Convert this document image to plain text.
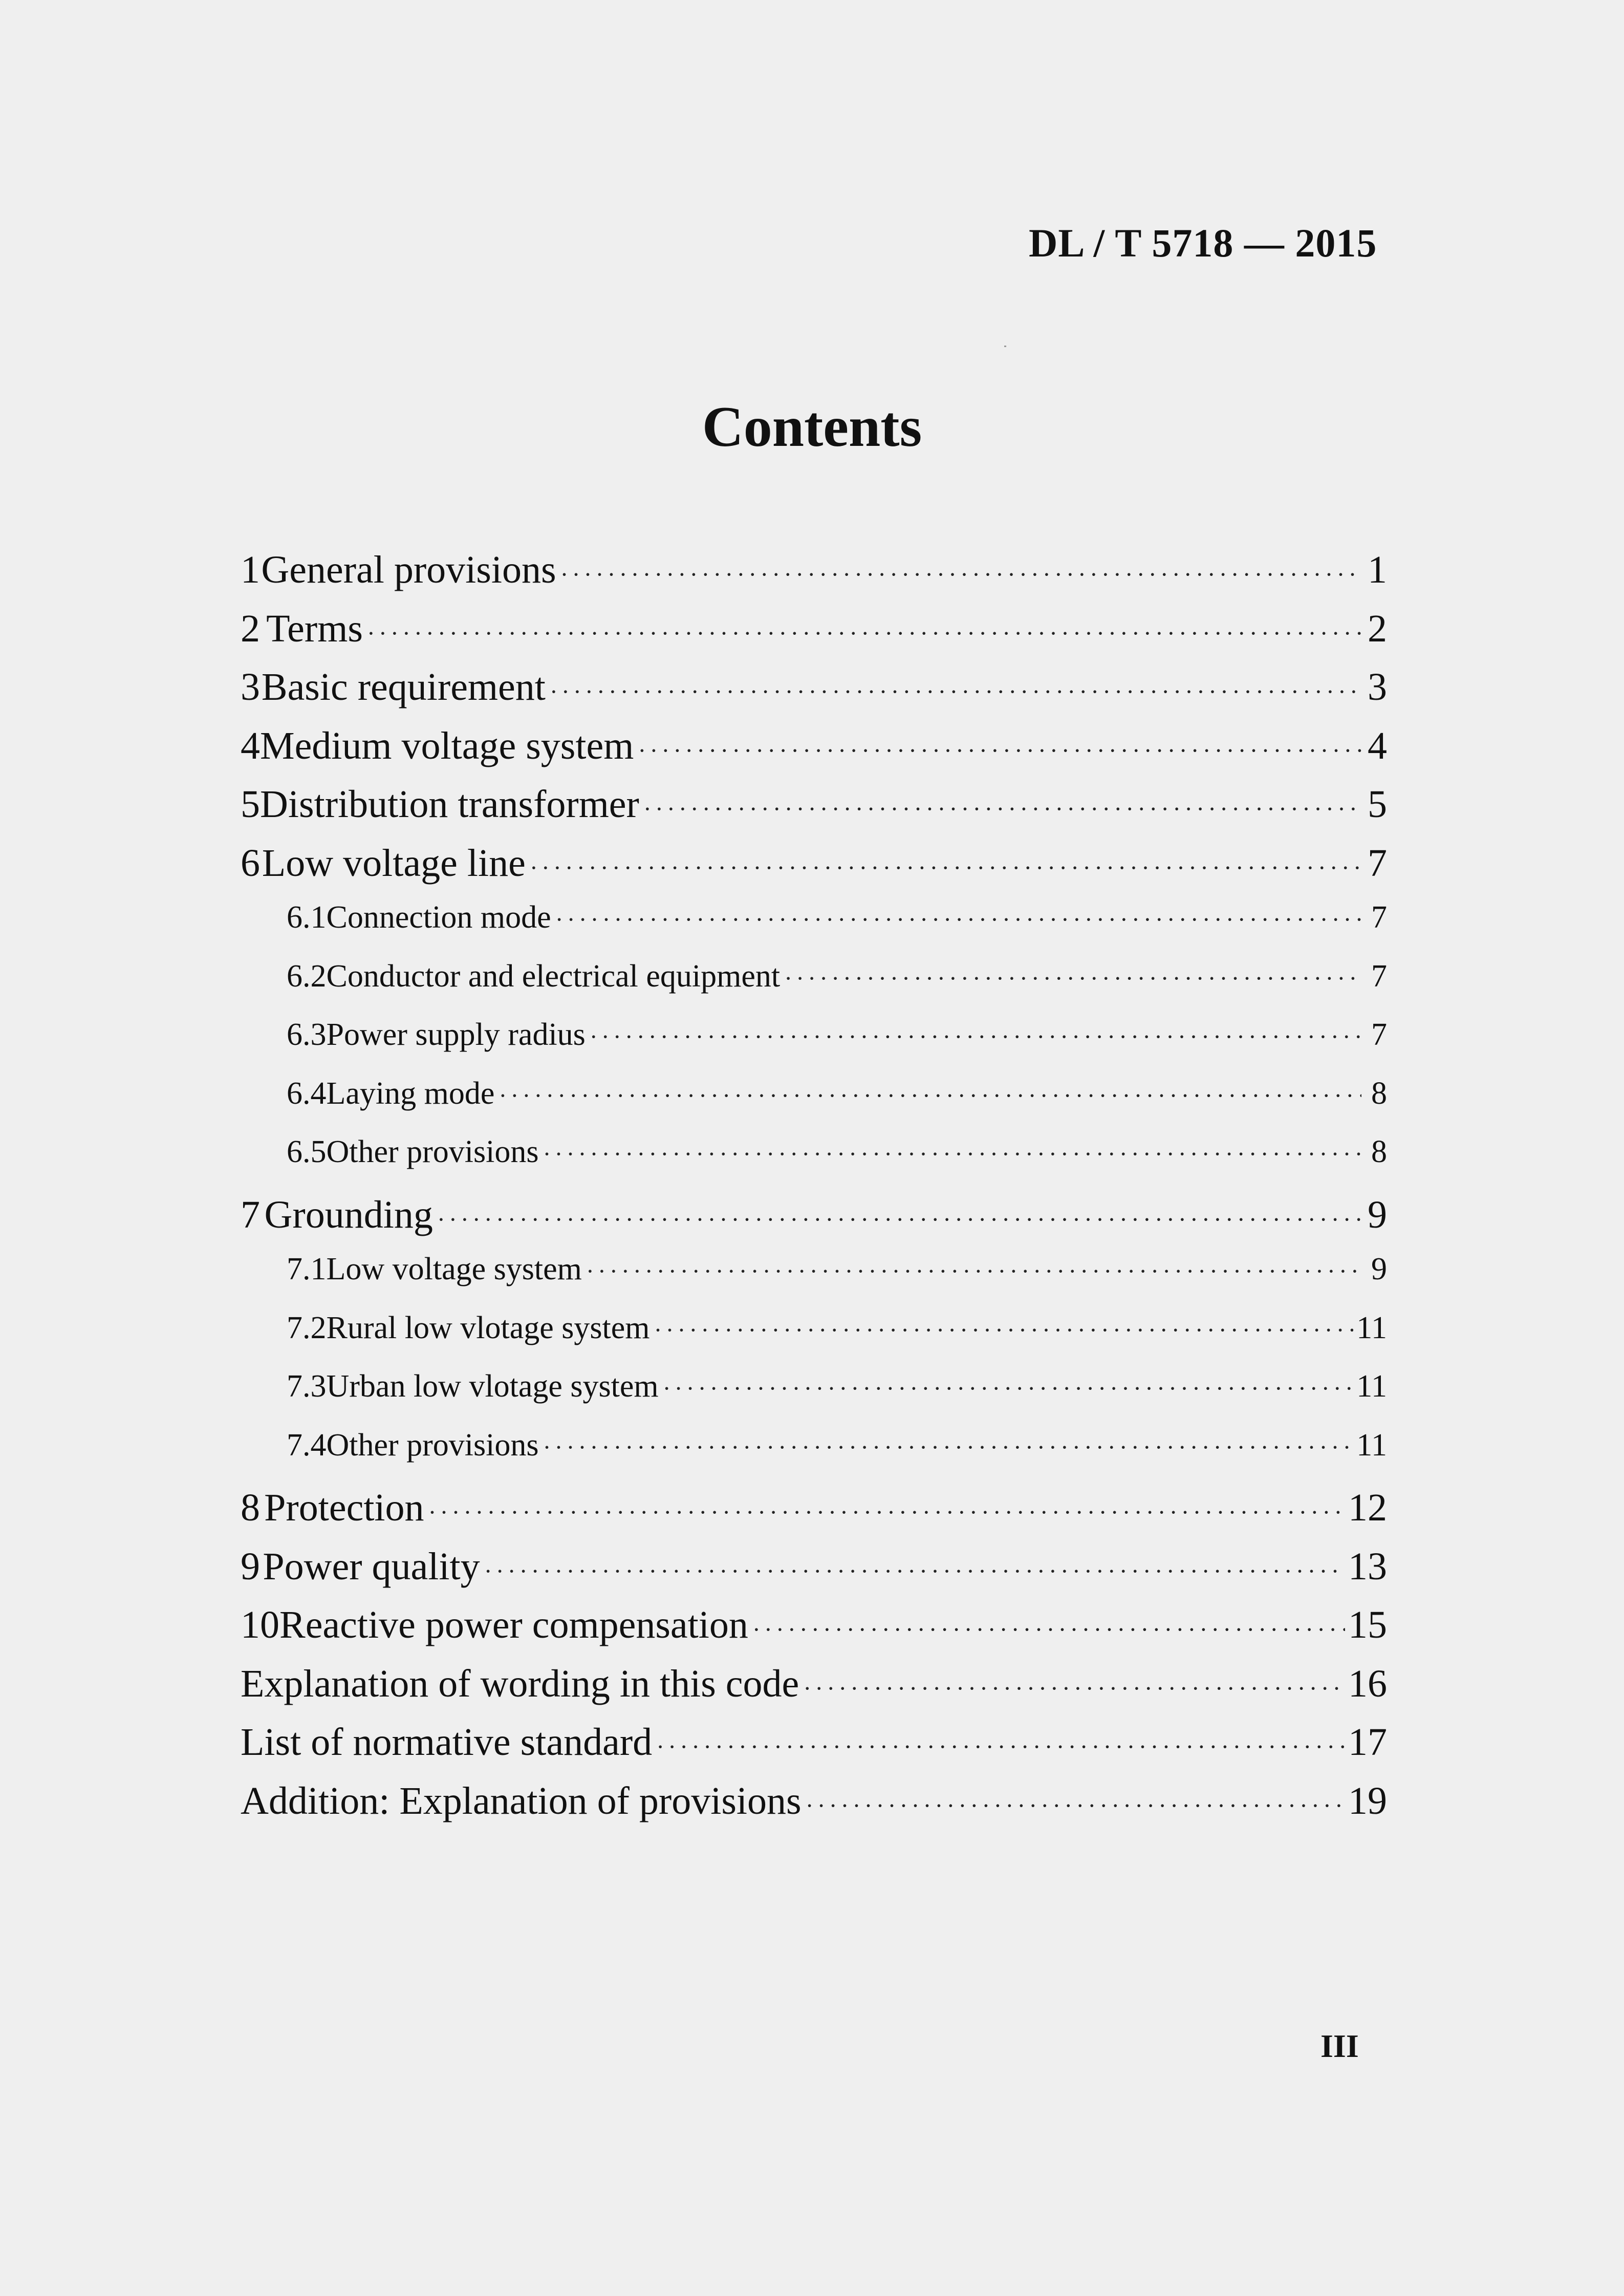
DL / T 5718 — 2015
Contents
1 General provisions ·····	1
2 Terms ·····	2
3 Basic requirement ·····	3
4 Medium voltage system ·····	4
5 Distribution transformer ·····	5
6 Low voltage line ·····	7
6.1 Connection mode ·····	7
6.2 Conductor and electrical equipment ·····	7
6.3 Power supply radius ·····	7
6.4 Laying mode ·····	8
6.5 Other provisions ·····	8
7 Grounding ·····	9
7.1 Low voltage system ·····	9
7.2 Rural low vlotage system ·····	11
7.3 Urban low vlotage system ·····	11
7.4 Other provisions ·····	11
8 Protection ·····	12
9 Power quality ·····	13
10 Reactive power compensation ·····	15
Explanation of wording in this code ·····	16
List of normative standard ·····	17
Addition: Explanation of provisions ·····	19
III
